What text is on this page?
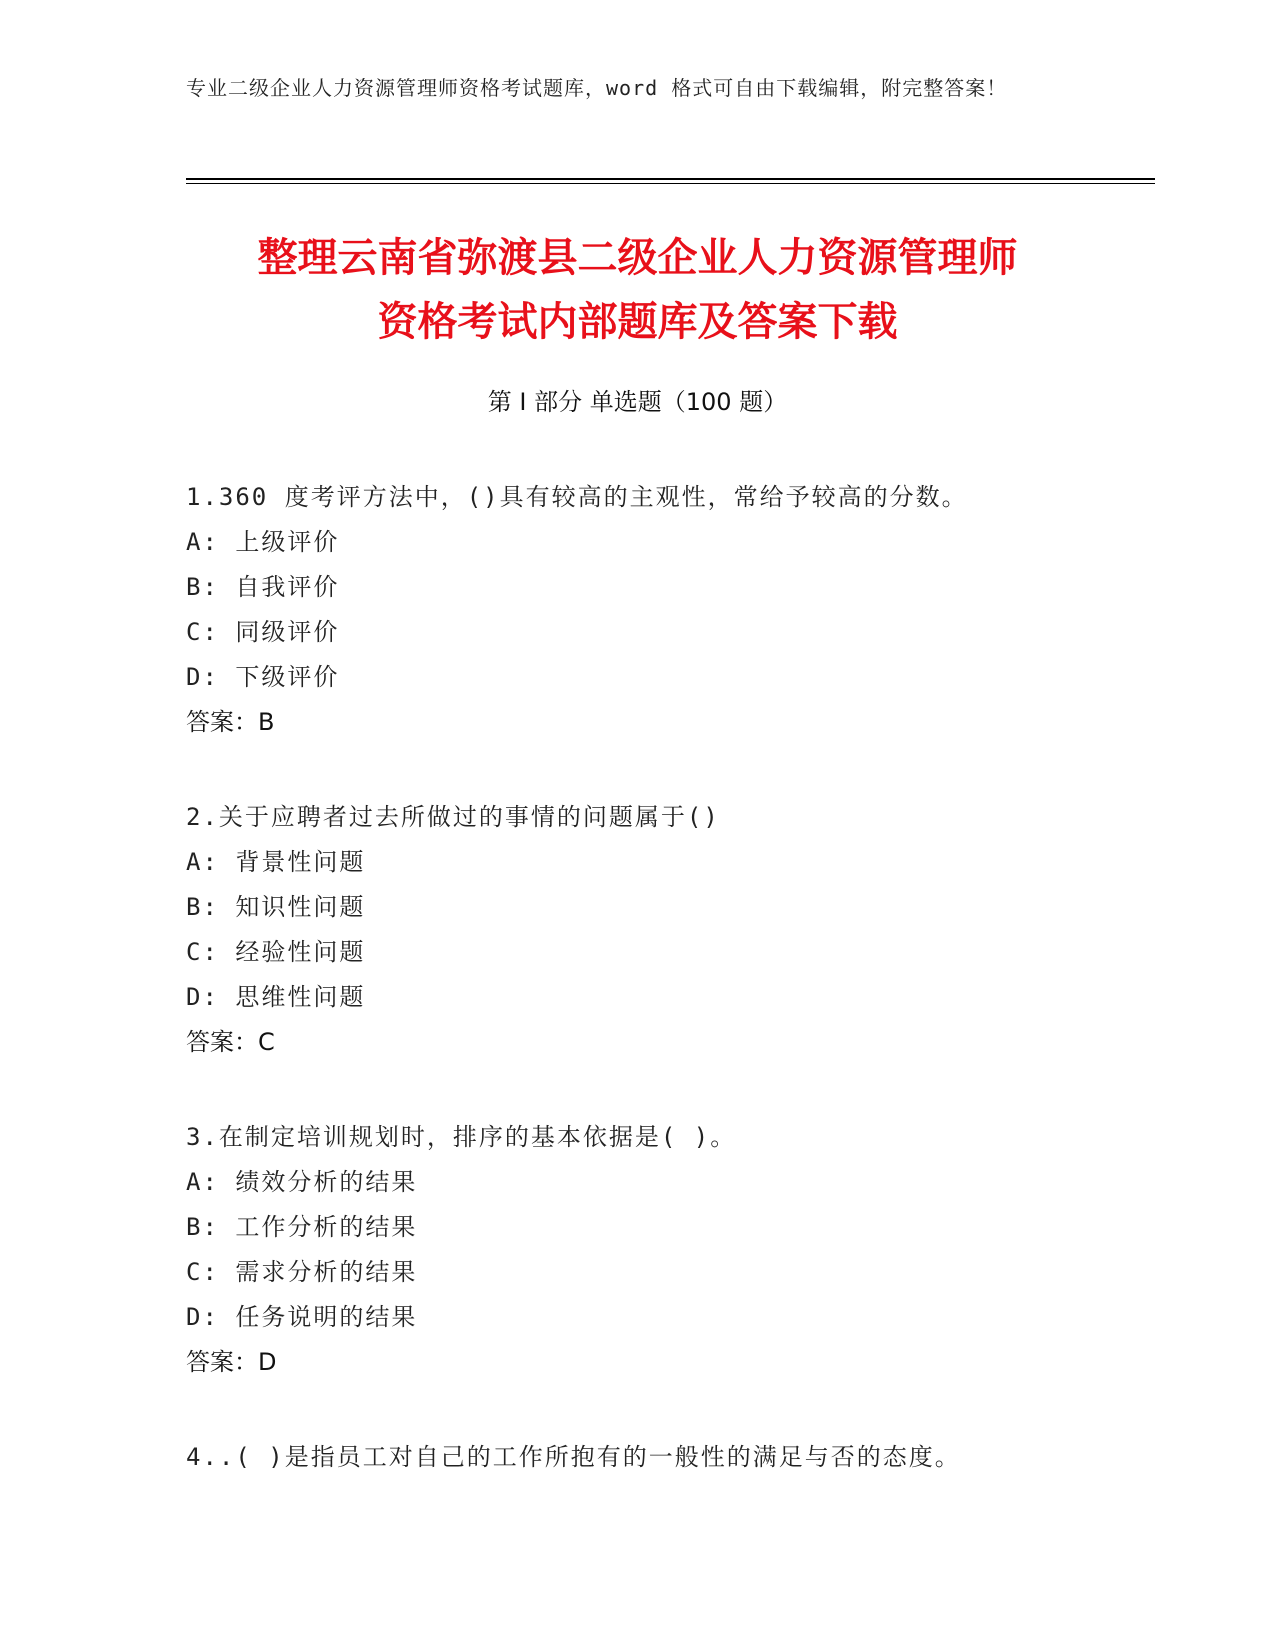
专业二级企业人力资源管理师资格考试题库，word 格式可自由下载编辑，附完整答案！
整理云南省弥渡县二级企业人力资源管理师
资格考试内部题库及答案下载
第 I 部分 单选题（100 题）
1.360 度考评方法中，()具有较高的主观性，常给予较高的分数。
A: 上级评价
B: 自我评价
C: 同级评价
D: 下级评价
答案：B
2.关于应聘者过去所做过的事情的问题属于()
A: 背景性问题
B: 知识性问题
C: 经验性问题
D: 思维性问题
答案：C
3.在制定培训规划时，排序的基本依据是( )。
A: 绩效分析的结果
B: 工作分析的结果
C: 需求分析的结果
D: 任务说明的结果
答案：D
4..( )是指员工对自己的工作所抱有的一般性的满足与否的态度。
